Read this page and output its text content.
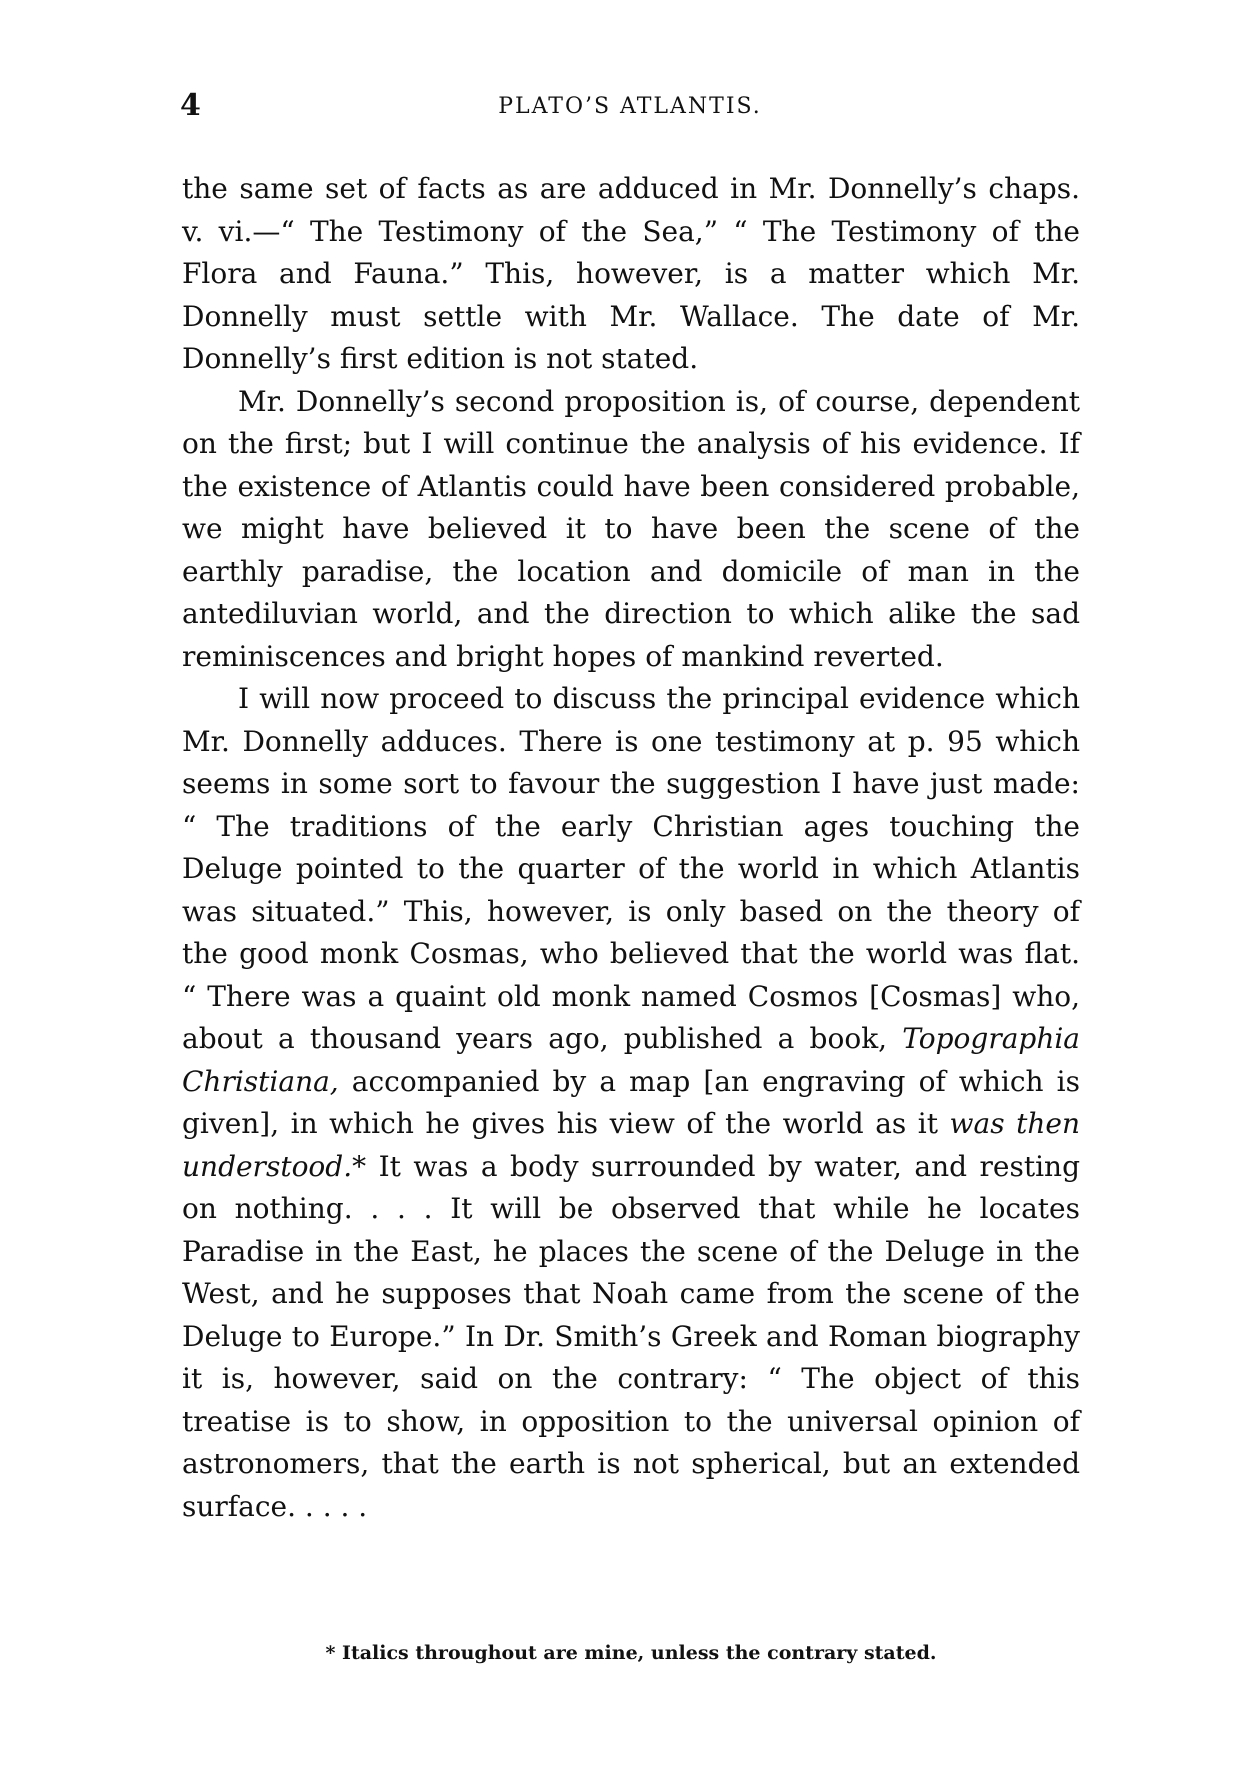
4	PLATO’S ATLANTIS.

the same set of facts as are adduced in Mr. Donnelly’s chaps. v. vi.—“ The Testimony of the Sea,” “ The Testimony of the Flora and Fauna.” This, however, is a matter which Mr. Donnelly must settle with Mr. Wallace. The date of Mr. Donnelly’s first edition is not stated.

Mr. Donnelly’s second proposition is, of course, dependent on the first; but I will continue the analysis of his evidence. If the existence of Atlantis could have been considered probable, we might have believed it to have been the scene of the earthly paradise, the location and domicile of man in the antediluvian world, and the direction to which alike the sad reminiscences and bright hopes of mankind reverted.

I will now proceed to discuss the principal evidence which Mr. Donnelly adduces. There is one testimony at p. 95 which seems in some sort to favour the suggestion I have just made: “ The traditions of the early Christian ages touching the Deluge pointed to the quarter of the world in which Atlantis was situated.” This, however, is only based on the theory of the good monk Cosmas, who believed that the world was flat. “ There was a quaint old monk named Cosmos [Cosmas] who, about a thousand years ago, published a book, Topographia Christiana, accompanied by a map [an engraving of which is given], in which he gives his view of the world as it was then understood.* It was a body surrounded by water, and resting on nothing. . . . It will be observed that while he locates Paradise in the East, he places the scene of the Deluge in the West, and he supposes that Noah came from the scene of the Deluge to Europe.” In Dr. Smith’s Greek and Roman biography it is, however, said on the contrary: “ The object of this treatise is to show, in opposition to the universal opinion of astronomers, that the earth is not spherical, but an extended surface. . . . .

* Italics throughout are mine, unless the contrary stated.
